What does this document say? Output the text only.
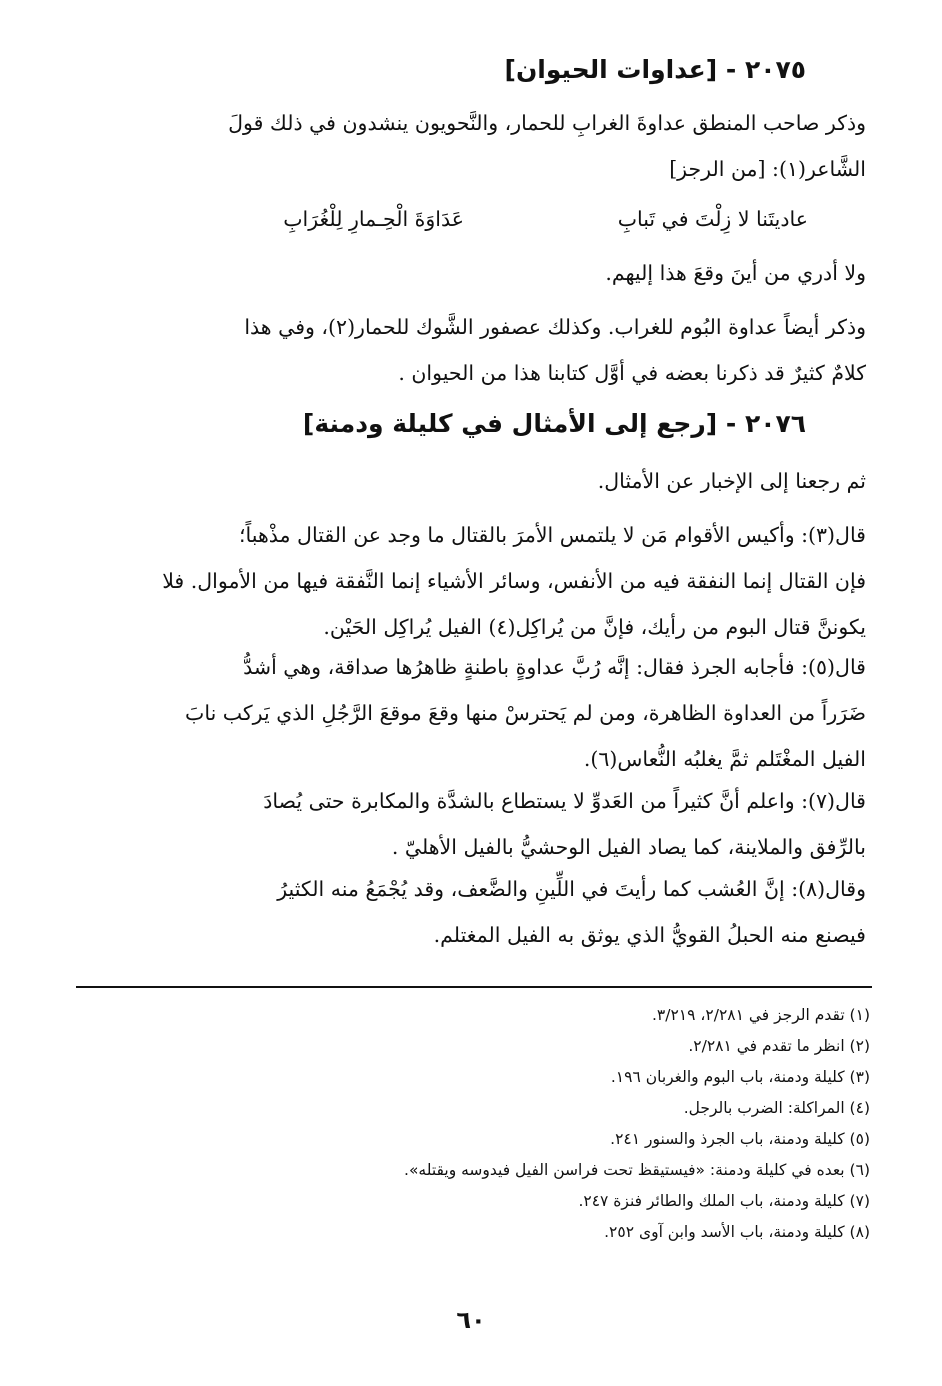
٢٠٧٥ - [عداوات الحيوان]
وذكر صاحب المنطق عداوةَ الغرابِ للحمار، والنَّحويون ينشدون في ذلك قولَ
الشَّاعر(١): [من الرجز]
عاديتَنا لا زِلْتَ في تَبابِ
عَدَاوَةَ الْحِـمارِ لِلْغُرَابِ
ولا أدري من أينَ وقعَ هذا إليهم.
وذكر أيضاً عداوة البُوم للغراب. وكذلك عصفور الشَّوك للحمار(٢)، وفي هذا
كلامٌ كثيرٌ قد ذكرنا بعضه في أوَّل كتابنا هذا من الحيوان .
٢٠٧٦ - [رجع إلى الأمثال في كليلة ودمنة]
ثم رجعنا إلى الإخبار عن الأمثال.
قال(٣): وأكيس الأقوام مَن لا يلتمس الأمرَ بالقتال ما وجد عن القتال مذْهباً؛
فإن القتال إنما النفقة فيه من الأنفس، وسائر الأشياء إنما النَّفقة فيها من الأموال. فلا
يكوننَّ قتال البوم من رأيك، فإنَّ من يُراكِل(٤) الفيل يُراكِل الحَيْن.
قال(٥): فأجابه الجرذ فقال: إنَّه رُبَّ عداوةٍ باطنةٍ ظاهرُها صداقة، وهي أشدُّ
ضَرَراً من العداوة الظاهرة، ومن لم يَحترسْ منها وقعَ موقعَ الرَّجُلِ الذي يَركب نابَ
الفيل المغْتَلم ثمَّ يغلبُه النُّعاس(٦).
قال(٧): واعلم أنَّ كثيراً من العَدوِّ لا يستطاع بالشدَّة والمكابرة حتى يُصادَ
بالرِّفق والملاينة، كما يصاد الفيل الوحشيُّ بالفيل الأهليّ .
وقال(٨): إنَّ العُشب كما رأيتَ في اللِّينِ والضَّعف، وقد يُجْمَعُ منه الكثيرُ
فيصنع منه الحبلُ القويُّ الذي يوثق به الفيل المغتلم.
(١) تقدم الرجز في ٢/٢٨١، ٣/٢١٩.
(٢) انظر ما تقدم في ٢/٢٨١.
(٣) كليلة ودمنة، باب البوم والغربان ١٩٦.
(٤) المراكلة: الضرب بالرجل.
(٥) كليلة ودمنة، باب الجرذ والسنور ٢٤١.
(٦) بعده في كليلة ودمنة: «فيستيقظ تحت فراسن الفيل فيدوسه ويقتله».
(٧) كليلة ودمنة، باب الملك والطائر فنزة ٢٤٧.
(٨) كليلة ودمنة، باب الأسد وابن آوى ٢٥٢.
٦٠
